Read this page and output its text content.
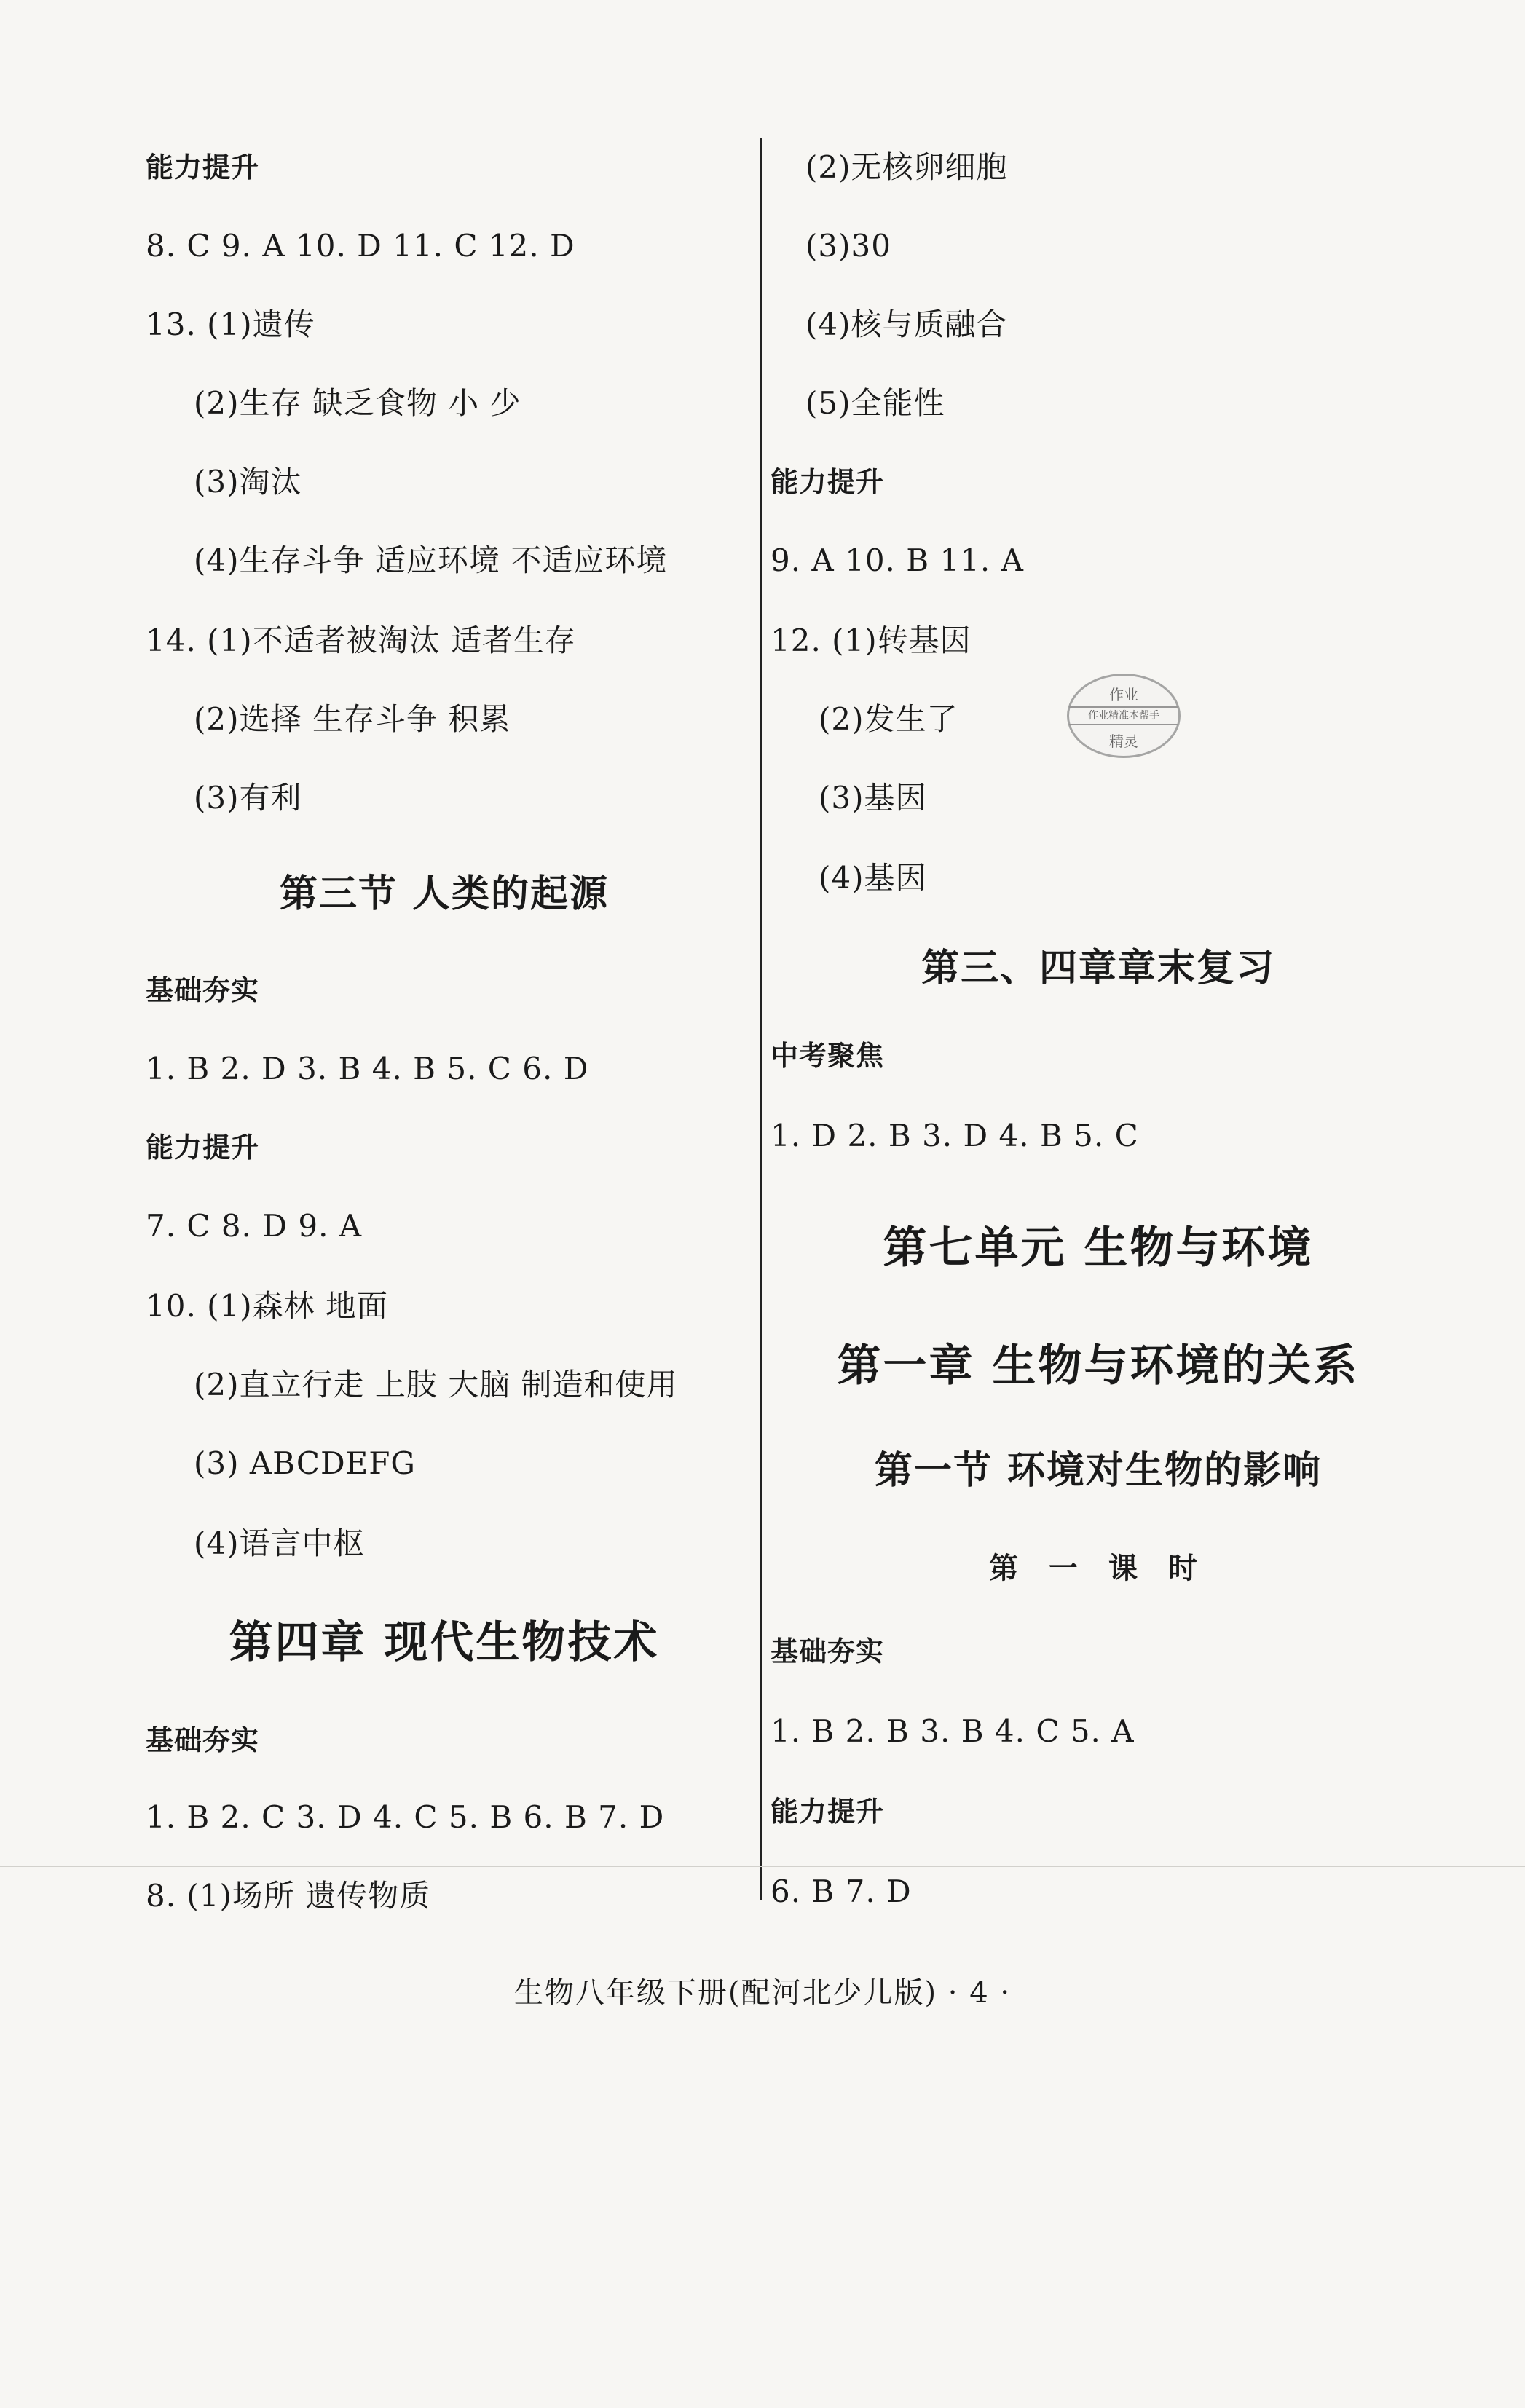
能力提升
8. C 9. A 10. D 11. C 12. D
13. (1)遗传
(2)生存 缺乏食物 小 少
(3)淘汰
(4)生存斗争 适应环境 不适应环境
14. (1)不适者被淘汰 适者生存
(2)选择 生存斗争 积累
(3)有利
第三节 人类的起源
基础夯实
1. B 2. D 3. B 4. B 5. C 6. D
能力提升
7. C 8. D 9. A
10. (1)森林 地面
(2)直立行走 上肢 大脑 制造和使用
(3) ABCDEFG
(4)语言中枢
第四章 现代生物技术
基础夯实
1. B 2. C 3. D 4. C 5. B 6. B 7. D
8. (1)场所 遗传物质
(2)无核卵细胞
(3)30
(4)核与质融合
(5)全能性
能力提升
9. A 10. B 11. A
12. (1)转基因
(2)发生了
(3)基因
(4)基因
第三、四章章末复习
中考聚焦
1. D 2. B 3. D 4. B 5. C
第七单元 生物与环境
第一章 生物与环境的关系
第一节 环境对生物的影响
第 一 课 时
基础夯实
1. B 2. B 3. B 4. C 5. A
能力提升
6. B 7. D
作业
作业精准本帮手
精灵
生物八年级下册(配河北少儿版) · 4 ·
